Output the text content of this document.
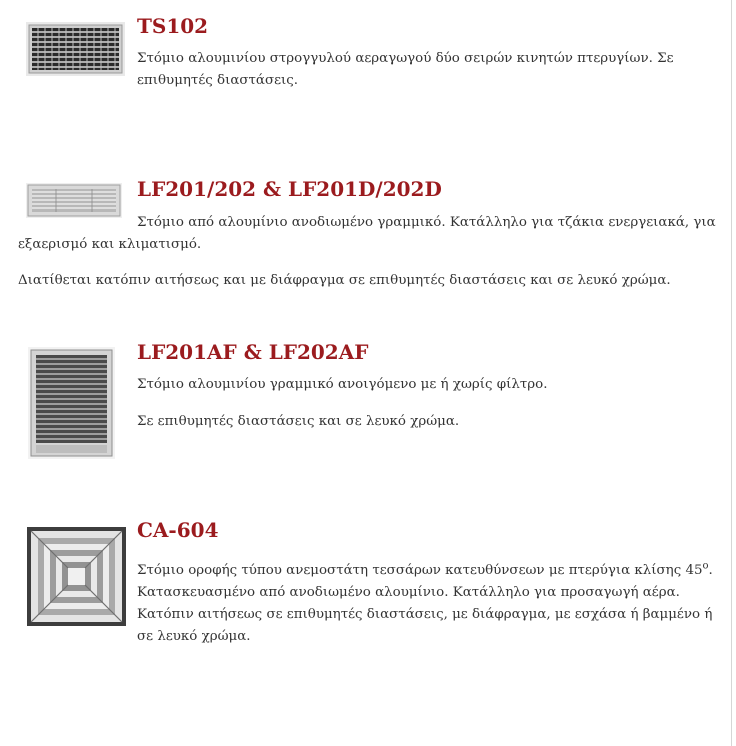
TS102

Στόμιο αλουμινίου στρογγυλού αεραγωγού δύο σειρών κινητών πτερυγίων. Σε επιθυμητές διαστάσεις.

LF201/202 & LF201D/202D

Στόμιο από αλουμίνιο ανοδιωμένο γραμμικό. Κατάλληλο για τζάκια ενεργειακά, για εξαερισμό και κλιματισμό.

Διατίθεται κατόπιν αιτήσεως και με διάφραγμα σε επιθυμητές διαστάσεις και σε λευκό χρώμα.

LF201AF & LF202AF

Στόμιο αλουμινίου γραμμικό ανοιγόμενο με ή χωρίς φίλτρο.

Σε επιθυμητές διαστάσεις και σε λευκό χρώμα.

CA-604

Στόμιο οροφής τύπου ανεμοστάτη τεσσάρων κατευθύνσεων με πτερύγια κλίσης $45^o$. Κατασκευασμένο από ανοδιωμένο αλουμίνιο. Κατάλληλο για προσαγωγή αέρα. Κατόπιν αιτήσεως σε επιθυμητές διαστάσεις, με διάφραγμα, με εσχάσα ή βαμμένο ή σε λευκό χρώμα.
